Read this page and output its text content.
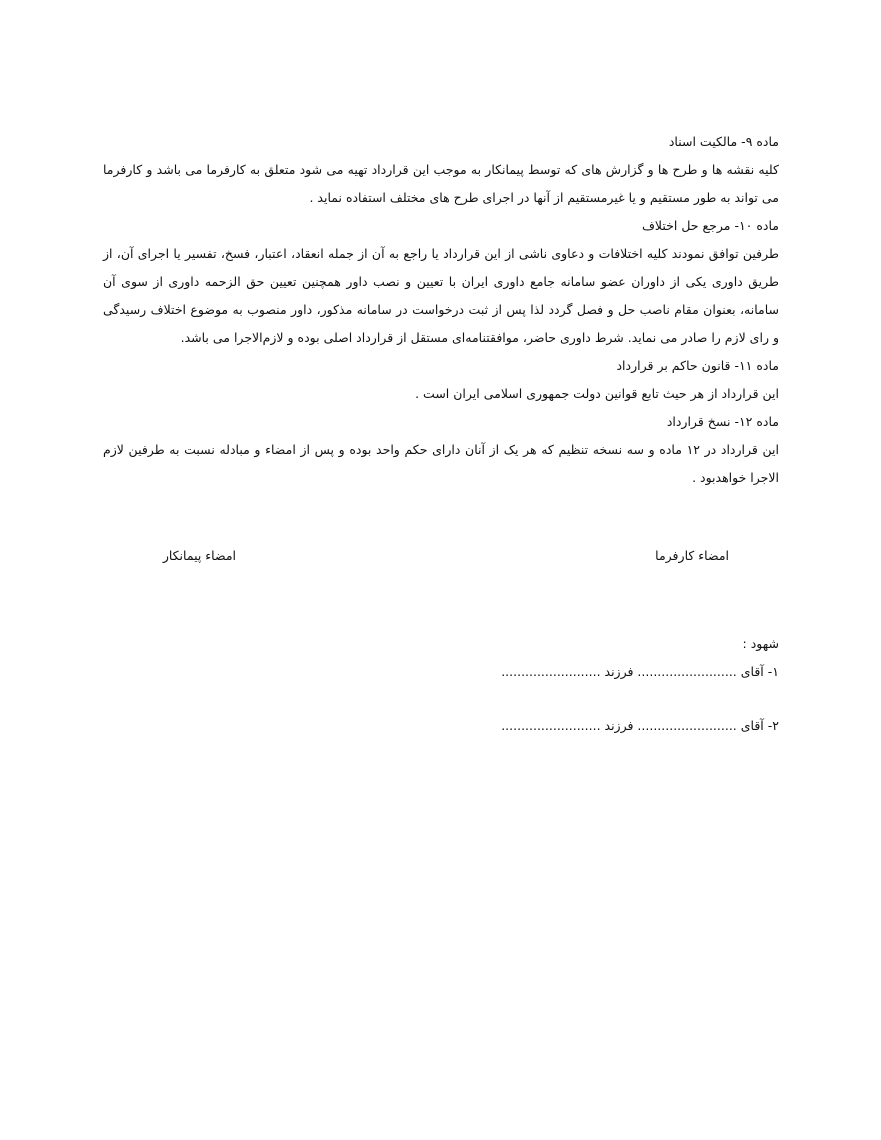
ماده ۹- مالکیت اسناد

کلیه نقشه ها و طرح ها و گزارش های که توسط پیمانکار به موجب این قرارداد تهیه می شود متعلق به کارفرما می باشد و کارفرما می تواند به طور مستقیم و یا غیرمستقیم از آنها در اجرای طرح های مختلف استفاده نماید .

ماده ۱۰- مرجع حل اختلاف

طرفین توافق نمودند کلیه اختلافات و دعاوی ناشی از این قرارداد یا راجع به آن از جمله انعقاد، اعتبار، فسخ، تفسیر یا اجرای آن، از طریق داوری یکی از داوران عضو سامانه جامع داوری ایران با تعیین و نصب داور همچنین تعیین حق الزحمه داوری از سوی آن سامانه، بعنوان مقام ناصب حل و فصل گردد لذا پس از ثبت درخواست در سامانه مذکور، داور منصوب به موضوع اختلاف رسیدگی و رای لازم را صادر می نماید. شرط داوری حاضر، موافقتنامه‌ای مستقل از قرارداد اصلی بوده و لازم‌الاجرا می باشد.

ماده ۱۱- قانون حاکم بر قرارداد

این قرارداد از هر حیث تابع قوانین دولت جمهوری اسلامی ایران است .

ماده ۱۲- نسخ قرارداد

این قرارداد در ۱۲ ماده و سه نسخه تنظیم که هر یک از آنان دارای حکم واحد بوده و پس از امضاء و مبادله نسبت به طرفین لازم الاجرا خواهدبود .

امضاء کارفرما
امضاء پیمانکار
شهود :
۱- آقای ......................... فرزند .........................
۲- آقای ......................... فرزند .........................
